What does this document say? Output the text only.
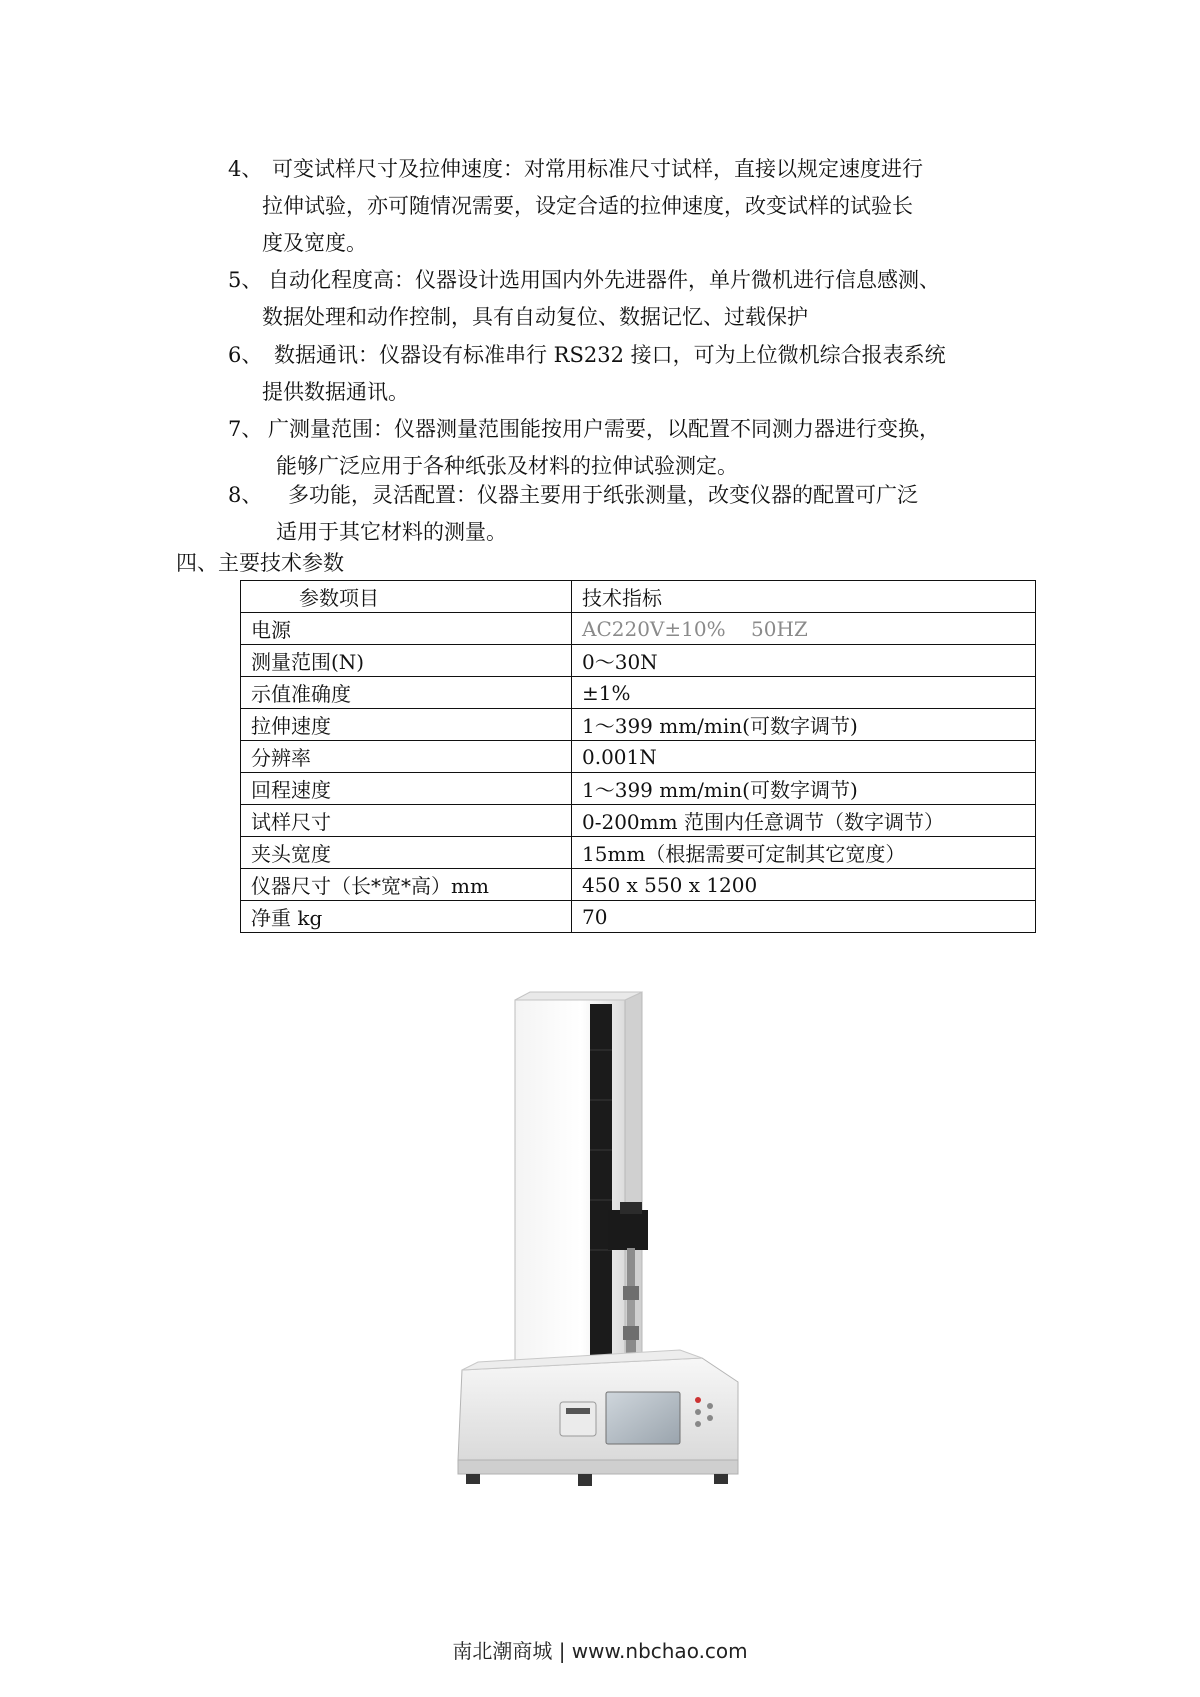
4、 可变试样尺寸及拉伸速度：对常用标准尺寸试样，直接以规定速度进行
拉伸试验，亦可随情况需要，设定合适的拉伸速度，改变试样的试验长
度及宽度。
5、 自动化程度高：仪器设计选用国内外先进器件，单片微机进行信息感测、
数据处理和动作控制，具有自动复位、数据记忆、过载保护
6、 数据通讯：仪器设有标准串行 RS232 接口，可为上位微机综合报表系统
提供数据通讯。
7、 广测量范围：仪器测量范围能按用户需要，以配置不同测力器进行变换，
能够广泛应用于各种纸张及材料的拉伸试验测定。
8、 多功能，灵活配置：仪器主要用于纸张测量，改变仪器的配置可广泛
适用于其它材料的测量。
四、主要技术参数
参数项目	技术指标
电源	AC220V±10%    50HZ
测量范围(N)	0～30N
示值准确度	±1%
拉伸速度	1～399 mm/min(可数字调节)
分辨率	0.001N
回程速度	1～399 mm/min(可数字调节)
试样尺寸	0-200mm 范围内任意调节（数字调节）
夹头宽度	15mm（根据需要可定制其它宽度）
仪器尺寸（长*宽*高）mm	450 x 550 x 1200
净重 kg	70
南北潮商城 | www.nbchao.com
